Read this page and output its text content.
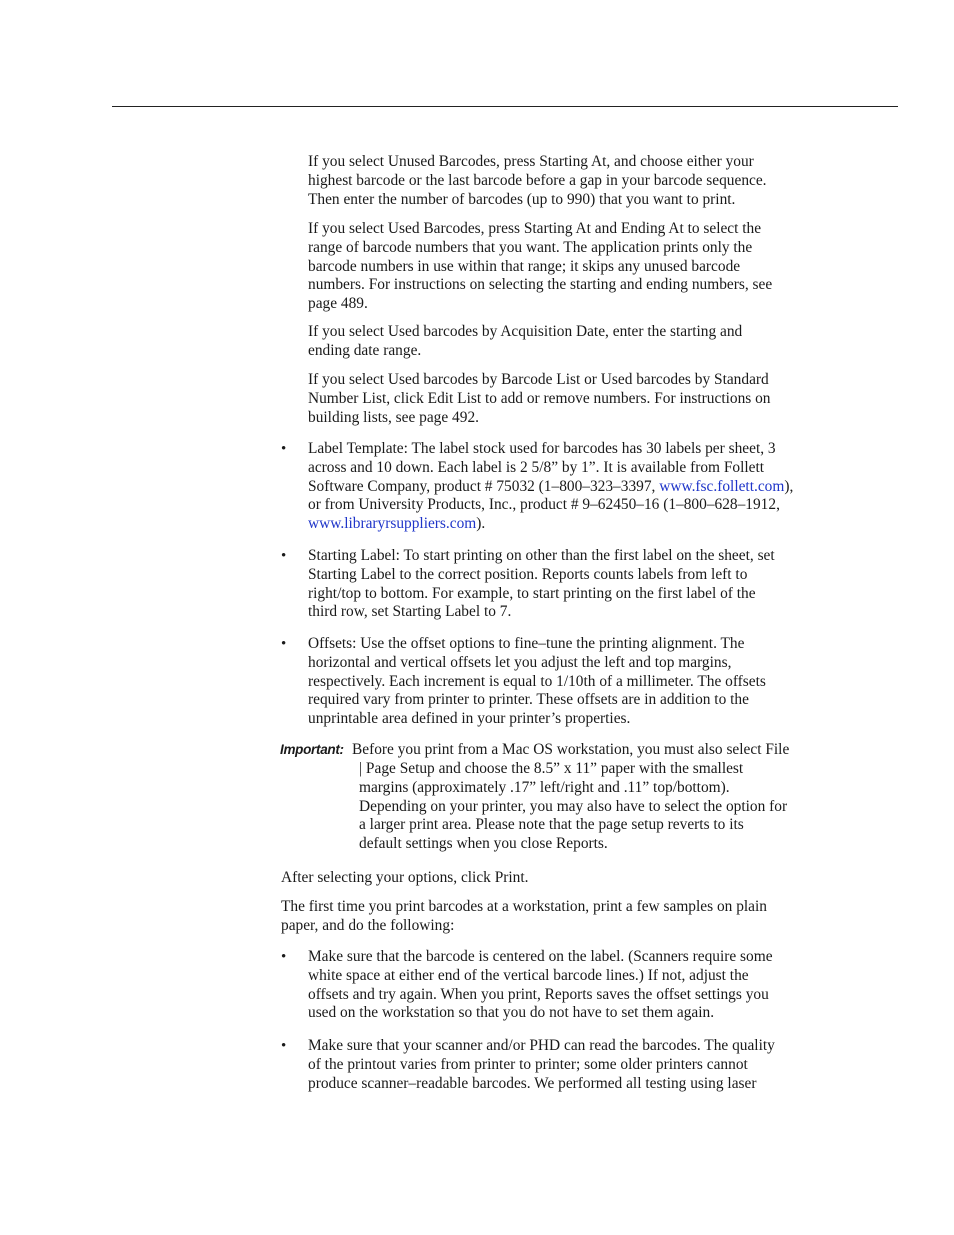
If you select Unused Barcodes, press Starting At, and choose either your
highest barcode or the last barcode before a gap in your barcode sequence.
Then enter the number of barcodes (up to 990) that you want to print.
If you select Used Barcodes, press Starting At and Ending At to select the
range of barcode numbers that you want. The application prints only the
barcode numbers in use within that range; it skips any unused barcode
numbers. For instructions on selecting the starting and ending numbers, see
page 489.
If you select Used barcodes by Acquisition Date, enter the starting and
ending date range.
If you select Used barcodes by Barcode List or Used barcodes by Standard
Number List, click Edit List to add or remove numbers. For instructions on
building lists, see page 492.
• Label Template: The label stock used for barcodes has 30 labels per sheet, 3
across and 10 down. Each label is 2 5/8” by 1”. It is available from Follett
Software Company, product # 75032 (1–800–323–3397, www.fsc.follett.com),
or from University Products, Inc., product # 9–62450–16 (1–800–628–1912,
www.libraryrsuppliers.com).
• Starting Label: To start printing on other than the first label on the sheet, set
Starting Label to the correct position. Reports counts labels from left to
right/top to bottom. For example, to start printing on the first label of the
third row, set Starting Label to 7.
• Offsets: Use the offset options to fine–tune the printing alignment. The
horizontal and vertical offsets let you adjust the left and top margins,
respectively. Each increment is equal to 1/10th of a millimeter. The offsets
required vary from printer to printer. These offsets are in addition to the
unprintable area defined in your printer’s properties.
Important: Before you print from a Mac OS workstation, you must also select File
| Page Setup and choose the 8.5” x 11” paper with the smallest
margins (approximately .17” left/right and .11” top/bottom).
Depending on your printer, you may also have to select the option for
a larger print area. Please note that the page setup reverts to its
default settings when you close Reports.
After selecting your options, click Print.
The first time you print barcodes at a workstation, print a few samples on plain
paper, and do the following:
• Make sure that the barcode is centered on the label. (Scanners require some
white space at either end of the vertical barcode lines.) If not, adjust the
offsets and try again. When you print, Reports saves the offset settings you
used on the workstation so that you do not have to set them again.
• Make sure that your scanner and/or PHD can read the barcodes. The quality
of the printout varies from printer to printer; some older printers cannot
produce scanner–readable barcodes. We performed all testing using laser
